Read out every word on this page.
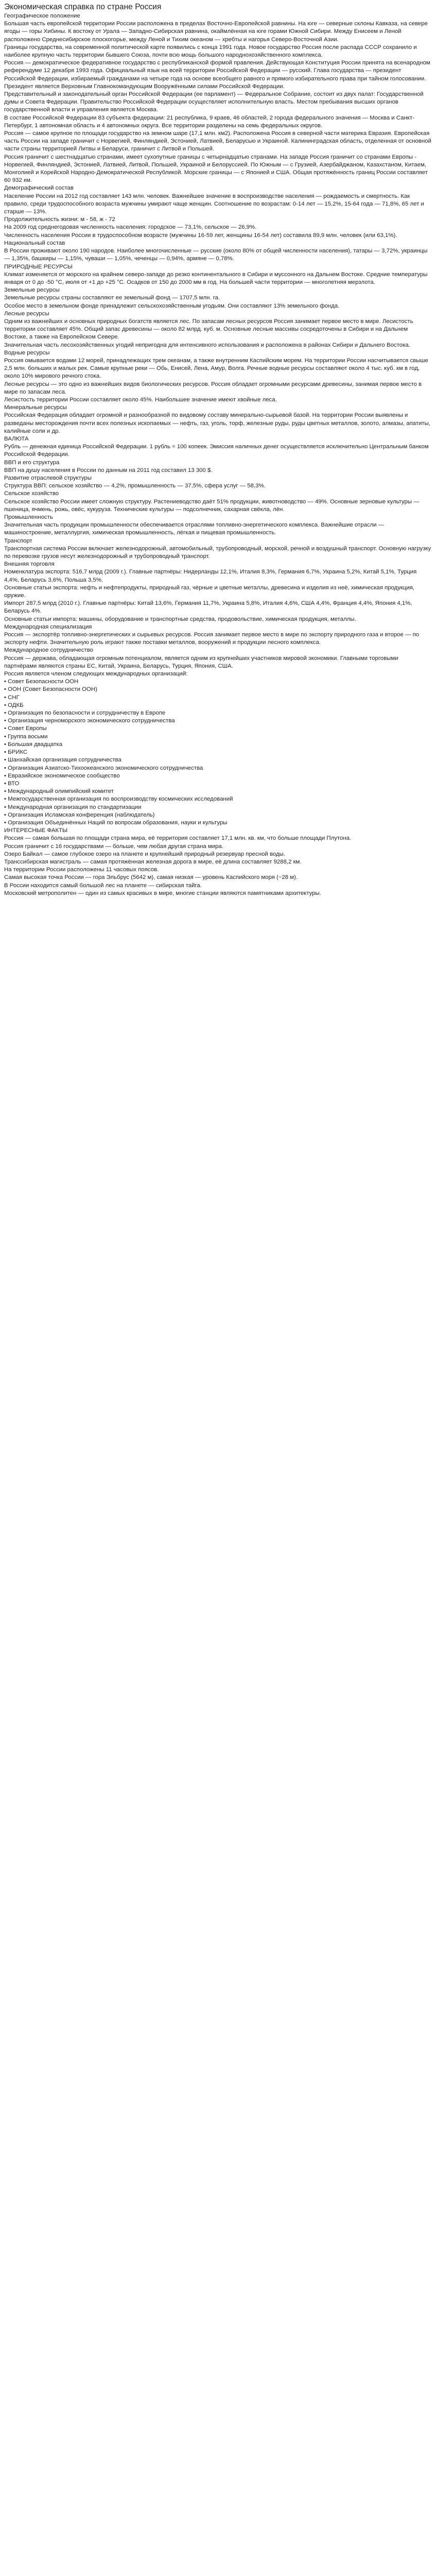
Экономическая справка по стране Россия

Географическое положение

Большая часть европейской территории России расположена в пределах Восточно-Европейской равнины. На юге — северные склоны Кавказа, на севере ягоды — горы Хибины. К востоку от Урала — Западно-Сибирская равнина, окаймлённая на юге горами Южной Сибири. Между Енисеем и Леной расположено Среднесибирское плоскогорье, между Леной и Тихим океаном — хребты и нагорья Северо-Восточной Азии.

Границы государства, на современной политической карте появились с конца 1991 года. Новое государство Россия после распада СССР сохранило и наиболее крупную часть территории бывшего Союза, почти всю мощь большого народнохозяйственного комплекса.

Россия — демократическое федеративное государство с республиканской формой правления. Действующая Конституция России принята на всенародном референдуме 12 декабря 1993 года. Официальный язык на всей территории Российской Федерации — русский. Глава государства — президент Российской Федерации, избираемый гражданами на четыре года на основе всеобщего равного и прямого избирательного права при тайном голосовании. Президент является Верховным Главнокомандующим Вооружёнными силами Российской Федерации.

Представительный и законодательный орган Российской Федерации (ее парламент) — Федеральное Собрание, состоит из двух палат: Государственной думы и Совета Федерации. Правительство Российской Федерации осуществляет исполнительную власть. Местом пребывания высших органов государственной власти и управления является Москва.

В составе Российской Федерации 83 субъекта федерации: 21 республика, 9 краев, 46 областей, 2 города федерального значения — Москва и Санкт-Петербург, 1 автономная область и 4 автономных округа. Все территории разделены на семь федеральных округов.

Россия — самое крупное по площади государство на земном шаре (17,1 млн. км2). Расположена Россия в северной части материка Евразия. Европейская часть России на западе граничит с Норвегией, Финляндией, Эстонией, Латвией, Беларусью и Украиной. Калининградская область, отделенная от основной части страны территорией Литвы и Беларуси, граничит с Литвой и Польшей.

Россия граничит с шестнадцатью странами, имеет сухопутные границы с четырнадцатью странами. На западе Россия граничит со странами Европы - Норвегией, Финляндией, Эстонией, Латвией, Литвой, Польшей, Украиной и Белоруссией. По Южным — с Грузией, Азербайджаном, Казахстаном, Китаем, Монголией и Корейской Народно-Демократической Республикой. Морские границы — с Японией и США. Общая протяжённость границ России составляет 60 932 км.

Демографический состав

Население России на 2012 год составляет 143 млн. человек. Важнейшее значение в воспроизводстве населения — рождаемость и смертность. Как правило, среди трудоспособного возраста мужчины умирают чаще женщин. Соотношение по возрастам: 0-14 лет — 15,2%, 15-64 года — 71,8%, 65 лет и старше — 13%.

Продолжительность жизни: м - 58, ж - 72

На 2009 год среднегодовая численность населения: городское — 73,1%, сельское — 26,9%.

Численность населения России в трудоспособном возрасте (мужчины 16-59 лет, женщины 16-54 лет) составила 89,9 млн. человек (или 63,1%).

Национальный состав

В России проживают около 190 народов. Наиболее многочисленные — русские (около 80% от общей численности населения), татары — 3,72%, украинцы — 1,35%, башкиры — 1,15%, чуваши — 1,05%, чеченцы — 0,94%, армяне — 0,78%.

ПРИРОДНЫЕ РЕСУРСЫ

Климат изменяется от морского на крайнем северо-западе до резко континентального в Сибири и муссонного на Дальнем Востоке. Средние температуры января от 0 до -50 °C, июля от +1 до +25 °C. Осадков от 150 до 2000 мм в год. На большей части территории — многолетняя мерзлота.

Земельные ресурсы

Земельные ресурсы страны составляют ее земельный фонд — 1707,5 млн. га.

Особое место в земельном фонде принадлежит сельскохозяйственным угодьям. Они составляют 13% земельного фонда.

Лесные ресурсы

Одним из важнейших и основных природных богатств является лес. По запасам лесных ресурсов Россия занимает первое место в мире. Лесистость территории составляет 45%. Общий запас древесины — около 82 млрд. куб. м. Основные лесные массивы сосредоточены в Сибири и на Дальнем Востоке, а также на Европейском Севере.

Значительная часть лесохозяйственных угодий непригодна для интенсивного использования и расположена в районах Сибири и Дальнего Востока.

Водные ресурсы

Россия омывается водами 12 морей, принадлежащих трем океанам, а также внутренним Каспийским морем. На территории России насчитывается свыше 2,5 млн. больших и малых рек. Самые крупные реки — Обь, Енисей, Лена, Амур, Волга. Речные водные ресурсы составляют около 4 тыс. куб. км в год, около 10% мирового речного стока.

Лесные ресурсы — это одно из важнейших видов биологических ресурсов. Россия обладает огромными ресурсами древесины, занимая первое место в мире по запасам леса.

Лесистость территории России составляет около 45%. Наибольшее значение имеют хвойные леса.

Минеральные ресурсы

Российская Федерация обладает огромной и разнообразной по видовому составу минерально-сырьевой базой. На территории России выявлены и разведаны месторождения почти всех полезных ископаемых — нефть, газ, уголь, торф, железные руды, руды цветных металлов, золото, алмазы, апатиты, калийные соли и др.

ВАЛЮТА

Рубль — денежная единица Российской Федерации. 1 рубль = 100 копеек. Эмиссия наличных денег осуществляется исключительно Центральным банком Российской Федерации.

ВВП и его структура

ВВП на душу населения в России по данным на 2011 год составил 13 300 $.

Развитие отраслевой структуры

Структура ВВП: сельское хозяйство — 4,2%, промышленность — 37,5%, сфера услуг — 58,3%.

Сельское хозяйство

Сельское хозяйство России имеет сложную структуру. Растениеводство даёт 51% продукции, животноводство — 49%. Основные зерновые культуры — пшеница, ячмень, рожь, овёс, кукуруза. Технические культуры — подсолнечник, сахарная свёкла, лён.

Промышленность

Значительная часть продукции промышленности обеспечивается отраслями топливно-энергетического комплекса. Важнейшие отрасли — машиностроение, металлургия, химическая промышленность, лёгкая и пищевая промышленность.

Транспорт

Транспортная система России включает железнодорожный, автомобильный, трубопроводный, морской, речной и воздушный транспорт. Основную нагрузку по перевозке грузов несут железнодорожный и трубопроводный транспорт.

Внешняя торговля

Номенклатура экспорта: 516,7 млрд (2009 г.). Главные партнёры: Нидерланды 12,1%, Италия 8,3%, Германия 6,7%, Украина 5,2%, Китай 5,1%, Турция 4,4%, Беларусь 3,6%, Польша 3,5%.

Основные статьи экспорта: нефть и нефтепродукты, природный газ, чёрные и цветные металлы, древесина и изделия из неё, химическая продукция, оружие.

Импорт 287,5 млрд (2010 г.). Главные партнёры: Китай 13,6%, Германия 11,7%, Украина 5,8%, Италия 4,6%, США 4,4%, Франция 4,4%, Япония 4,1%, Беларусь 4%.

Основные статьи импорта: машины, оборудование и транспортные средства, продовольствие, химическая продукция, металлы.

Международная специализация

Россия — экспортёр топливно-энергетических и сырьевых ресурсов. Россия занимает первое место в мире по экспорту природного газа и второе — по экспорту нефти. Значительную роль играют также поставки металлов, вооружений и продукции лесного комплекса.

Международное сотрудничество

Россия — держава, обладающая огромным потенциалом, является одним из крупнейших участников мировой экономики. Главными торговыми партнёрами являются страны ЕС, Китай, Украина, Беларусь, Турция, Япония, США.

Россия является членом следующих международных организаций:

• Совет Безопасности ООН

• ООН (Совет Безопасности ООН)

• СНГ

• ОДКБ

• Организация по безопасности и сотрудничеству в Европе

• Организация черноморского экономического сотрудничества

• Совет Европы

• Группа восьми

• Большая двадцатка

• БРИКС

• Шанхайская организация сотрудничества

• Организация Азиатско-Тихоокеанского экономического сотрудничества

• Евразийское экономическое сообщество

• ВТО

• Международный олимпийский комитет

• Межгосударственная организация по воспроизводству космических исследований

• Международная организация по стандартизации

• Организация Исламская конференция (наблюдатель)

• Организация Объединённых Наций по вопросам образования, науки и культуры

ИНТЕРЕСНЫЕ ФАКТЫ

Россия — самая большая по площади страна мира, её территория составляет 17,1 млн. кв. км, что больше площади Плутона.

Россия граничит с 16 государствами — больше, чем любая другая страна мира.

Озеро Байкал — самое глубокое озеро на планете и крупнейший природный резервуар пресной воды.

Транссибирская магистраль — самая протяжённая железная дорога в мире, её длина составляет 9288,2 км.

На территории России расположены 11 часовых поясов.

Самая высокая точка России — гора Эльбрус (5642 м), самая низкая — уровень Каспийского моря (−28 м).

В России находится самый большой лес на планете — сибирская тайга.

Московский метрополитен — один из самых красивых в мире, многие станции являются памятниками архитектуры.
